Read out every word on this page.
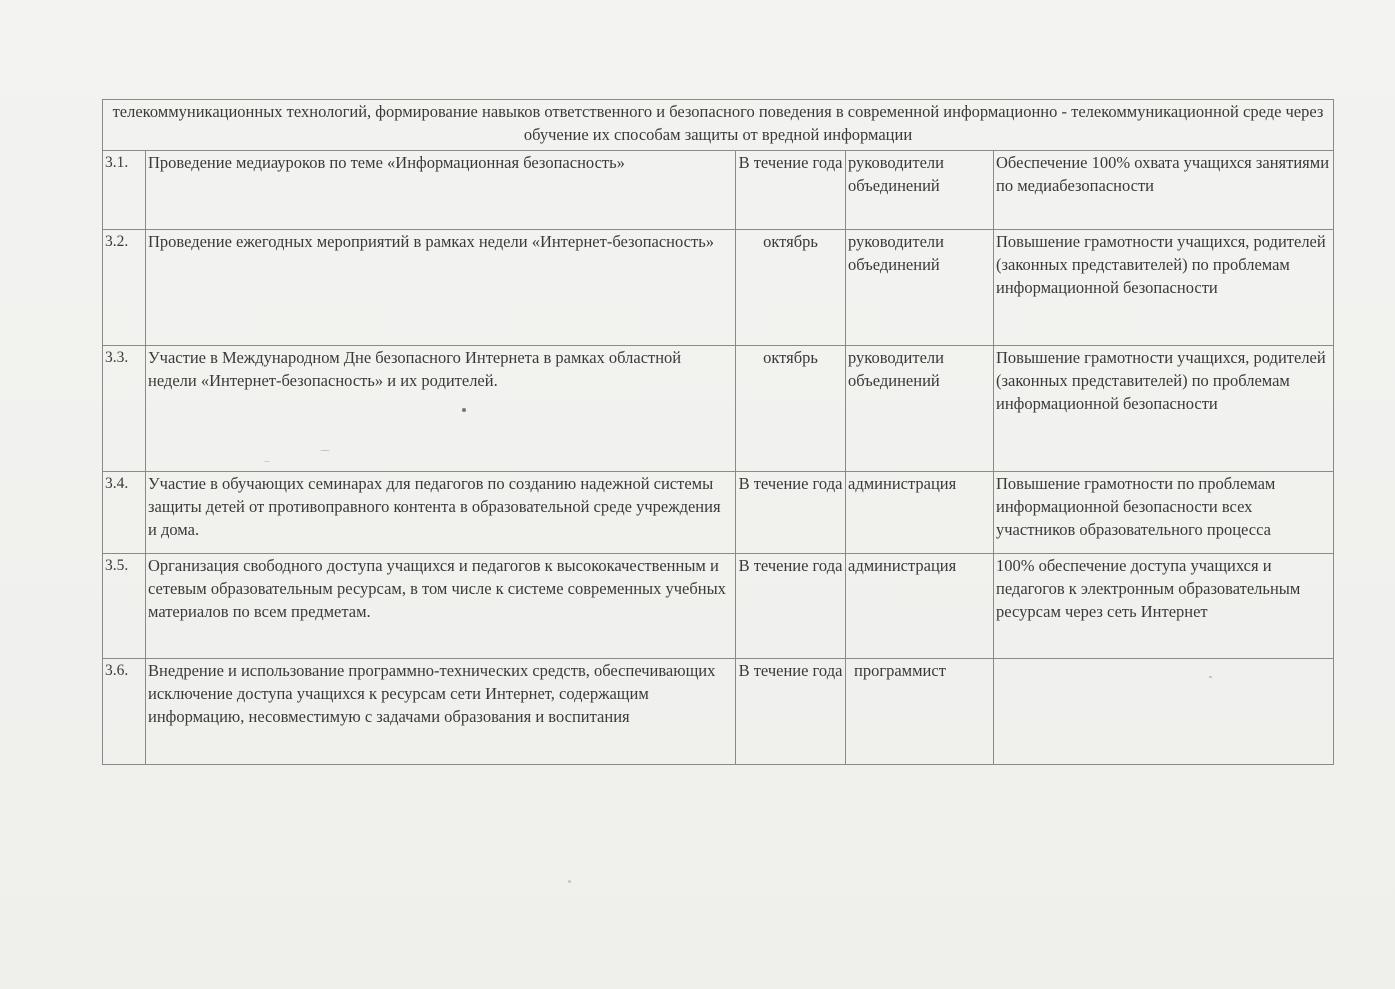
телекоммуникационных технологий, формирование навыков ответственного и безопасного поведения в современной информационно - телекоммуникационной среде через обучение их способам защиты от вредной информации				
3.1.	Проведение медиауроков по теме «Информационная безопасность»	В течение года	руководители объединений	Обеспечение 100% охвата учащихся занятиями по медиабезопасности
3.2.	Проведение ежегодных мероприятий в рамках недели «Интернет-безопасность»	октябрь	руководители объединений	Повышение грамотности учащихся, родителей (законных представителей) по проблемам информационной безопасности
3.3.	Участие в Международном Дне безопасного Интернета в рамках областной недели «Интернет-безопасность» и их родителей.	октябрь	руководители объединений	Повышение грамотности учащихся, родителей (законных представителей) по проблемам информационной безопасности
3.4.	Участие в обучающих семинарах для педагогов по созданию надежной системы защиты детей от противоправного контента в образовательной среде учреждения и дома.	В течение года	администрация	Повышение грамотности по проблемам информационной безопасности всех участников образовательного процесса
3.5.	Организация свободного доступа учащихся и педагогов к высококачественным и сетевым образовательным ресурсам, в том числе к системе современных учебных материалов по всем предметам.	В течение года	администрация	100% обеспечение доступа учащихся и педагогов к электронным образовательным ресурсам через сеть Интернет
3.6.	Внедрение и использование программно-технических средств, обеспечивающих исключение доступа учащихся к ресурсам сети Интернет, содержащим информацию, несовместимую с задачами образования и воспитания	В течение года	программист	
